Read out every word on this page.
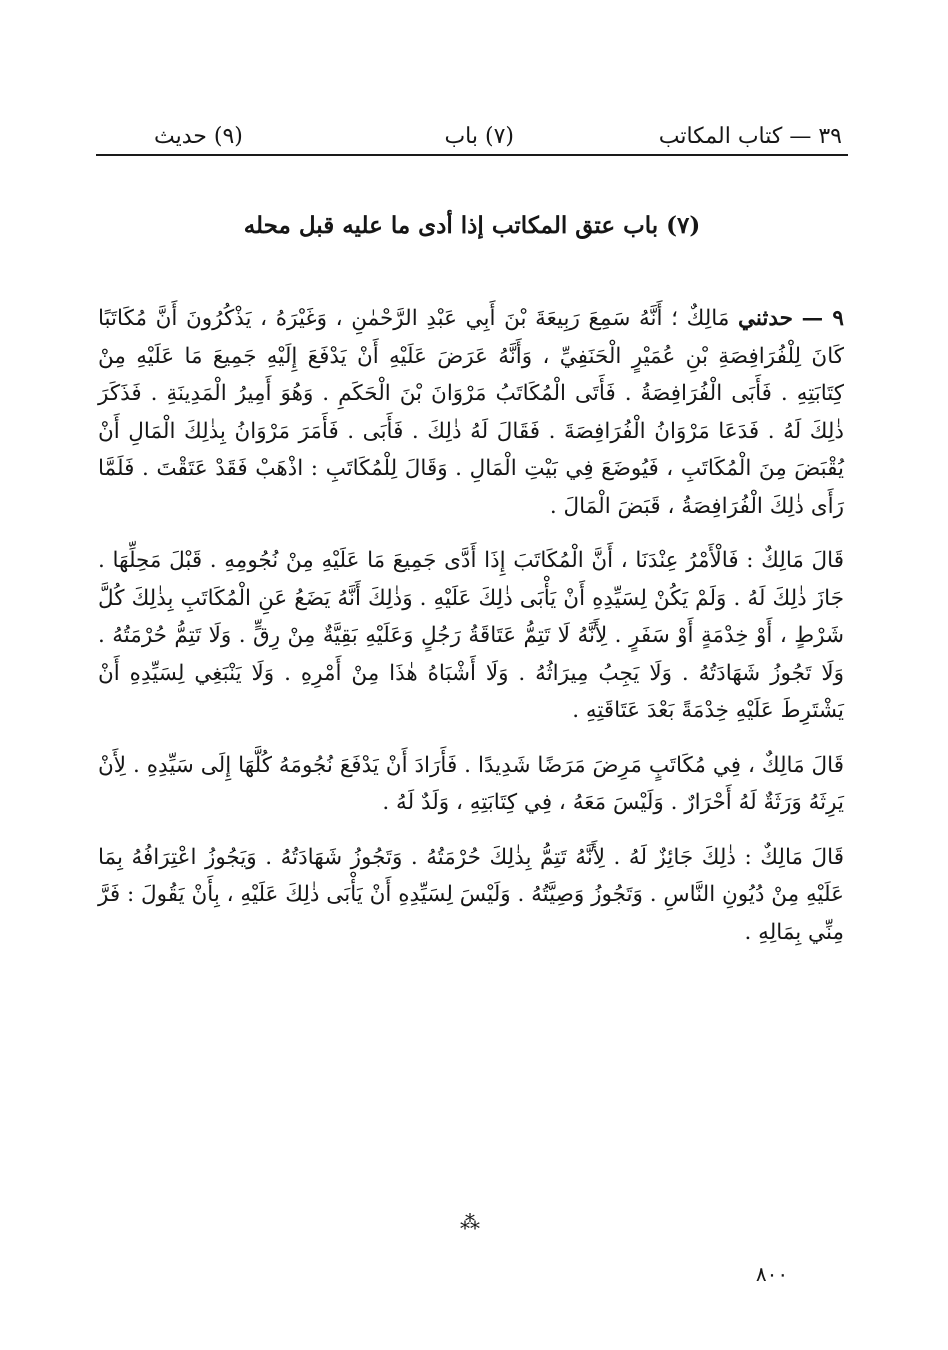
٣٩ — كتاب المكاتب
(٧) باب
(٩) حديث
(٧) باب عتق المكاتب إذا أدى ما عليه قبل محله

٩ — حدثني مَالِكٌ ؛ أَنَّهُ سَمِعَ رَبِيعَةَ بْنَ أَبِي عَبْدِ الرَّحْمٰنِ ، وَغَيْرَهُ ، يَذْكُرُونَ أَنَّ مُكَاتَبًا كَانَ لِلْفُرَافِصَةِ بْنِ عُمَيْرٍ الْحَنَفِيِّ ، وَأَنَّهُ عَرَضَ عَلَيْهِ أَنْ يَدْفَعَ إِلَيْهِ جَمِيعَ مَا عَلَيْهِ مِنْ كِتَابَتِهِ . فَأَبَى الْفُرَافِصَةُ . فَأَتَى الْمُكَاتَبُ مَرْوَانَ بْنَ الْحَكَمِ . وَهُوَ أَمِيرُ الْمَدِينَةِ . فَذَكَرَ ذٰلِكَ لَهُ . فَدَعَا مَرْوَانُ الْفُرَافِصَةَ . فَقَالَ لَهُ ذٰلِكَ . فَأَبَى . فَأَمَرَ مَرْوَانُ بِذٰلِكَ الْمَالِ أَنْ يُقْبَضَ مِنَ الْمُكَاتَبِ ، فَيُوضَعَ فِي بَيْتِ الْمَالِ . وَقَالَ لِلْمُكَاتَبِ : اذْهَبْ فَقَدْ عَتَقْتَ . فَلَمَّا رَأَى ذٰلِكَ الْفُرَافِصَةُ ، قَبَضَ الْمَالَ .

قَالَ مَالِكٌ : فَالْأَمْرُ عِنْدَنَا ، أَنَّ الْمُكَاتَبَ إِذَا أَدَّى جَمِيعَ مَا عَلَيْهِ مِنْ نُجُومِهِ . قَبْلَ مَحِلِّهَا . جَازَ ذٰلِكَ لَهُ . وَلَمْ يَكُنْ لِسَيِّدِهِ أَنْ يَأْبَى ذٰلِكَ عَلَيْهِ . وَذٰلِكَ أَنَّهُ يَضَعُ عَنِ الْمُكَاتَبِ بِذٰلِكَ كُلَّ شَرْطٍ ، أَوْ خِدْمَةٍ أَوْ سَفَرٍ . لِأَنَّهُ لَا تَتِمُّ عَتَاقَةُ رَجُلٍ وَعَلَيْهِ بَقِيَّةٌ مِنْ رِقٍّ . وَلَا تَتِمُّ حُرْمَتُهُ . وَلَا تَجُوزُ شَهَادَتُهُ . وَلَا يَجِبُ مِيرَاثُهُ . وَلَا أَشْبَاهُ هٰذَا مِنْ أَمْرِهِ . وَلَا يَنْبَغِي لِسَيِّدِهِ أَنْ يَشْتَرِطَ عَلَيْهِ خِدْمَةً بَعْدَ عَتَاقَتِهِ .

قَالَ مَالِكٌ ، فِي مُكَاتَبٍ مَرِضَ مَرَضًا شَدِيدًا . فَأَرَادَ أَنْ يَدْفَعَ نُجُومَهُ كُلَّهَا إِلَى سَيِّدِهِ . لِأَنْ يَرِثَهُ وَرَثَةٌ لَهُ أَحْرَارٌ . وَلَيْسَ مَعَهُ ، فِي كِتَابَتِهِ ، وَلَدٌ لَهُ .

قَالَ مَالِكٌ : ذٰلِكَ جَائِزٌ لَهُ . لِأَنَّهُ تَتِمُّ بِذٰلِكَ حُرْمَتُهُ . وَتَجُوزُ شَهَادَتُهُ . وَيَجُوزُ اعْتِرَافُهُ بِمَا عَلَيْهِ مِنْ دُيُونِ النَّاسِ . وَتَجُوزُ وَصِيَّتُهُ . وَلَيْسَ لِسَيِّدِهِ أَنْ يَأْبَى ذٰلِكَ عَلَيْهِ ، بِأَنْ يَقُولَ : فَرَّ مِنِّي بِمَالِهِ .

⁂
٨٠٠
